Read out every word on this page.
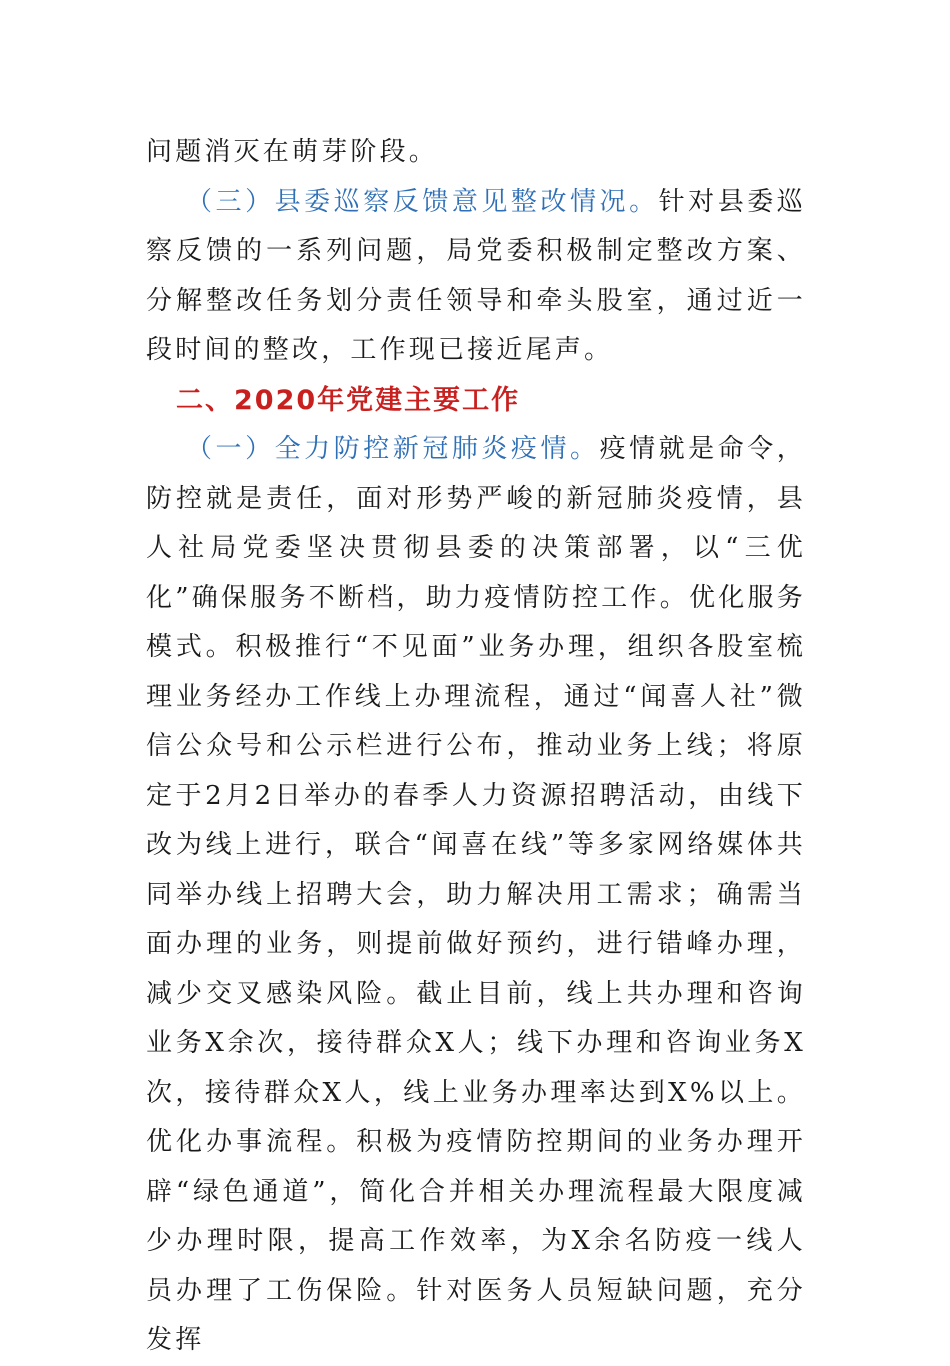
问题消灭在萌芽阶段。

（三）县委巡察反馈意见整改情况。针对县委巡察反馈的一系列问题，局党委积极制定整改方案、分解整改任务划分责任领导和牵头股室，通过近一段时间的整改，工作现已接近尾声。

二、2020年党建主要工作

（一）全力防控新冠肺炎疫情。疫情就是命令，防控就是责任，面对形势严峻的新冠肺炎疫情，县人社局党委坚决贯彻县委的决策部署，以“三优化”确保服务不断档，助力疫情防控工作。优化服务模式。积极推行“不见面”业务办理，组织各股室梳理业务经办工作线上办理流程，通过“闻喜人社”微信公众号和公示栏进行公布，推动业务上线；将原定于2月2日举办的春季人力资源招聘活动，由线下改为线上进行，联合“闻喜在线”等多家网络媒体共同举办线上招聘大会，助力解决用工需求；确需当面办理的业务，则提前做好预约，进行错峰办理，减少交叉感染风险。截止目前，线上共办理和咨询业务X余次，接待群众X人；线下办理和咨询业务X次，接待群众X人，线上业务办理率达到X%以上。优化办事流程。积极为疫情防控期间的业务办理开辟“绿色通道”，简化合并相关办理流程最大限度减少办理时限，提高工作效率，为X余名防疫一线人员办理了工伤保险。针对医务人员短缺问题，充分发挥
